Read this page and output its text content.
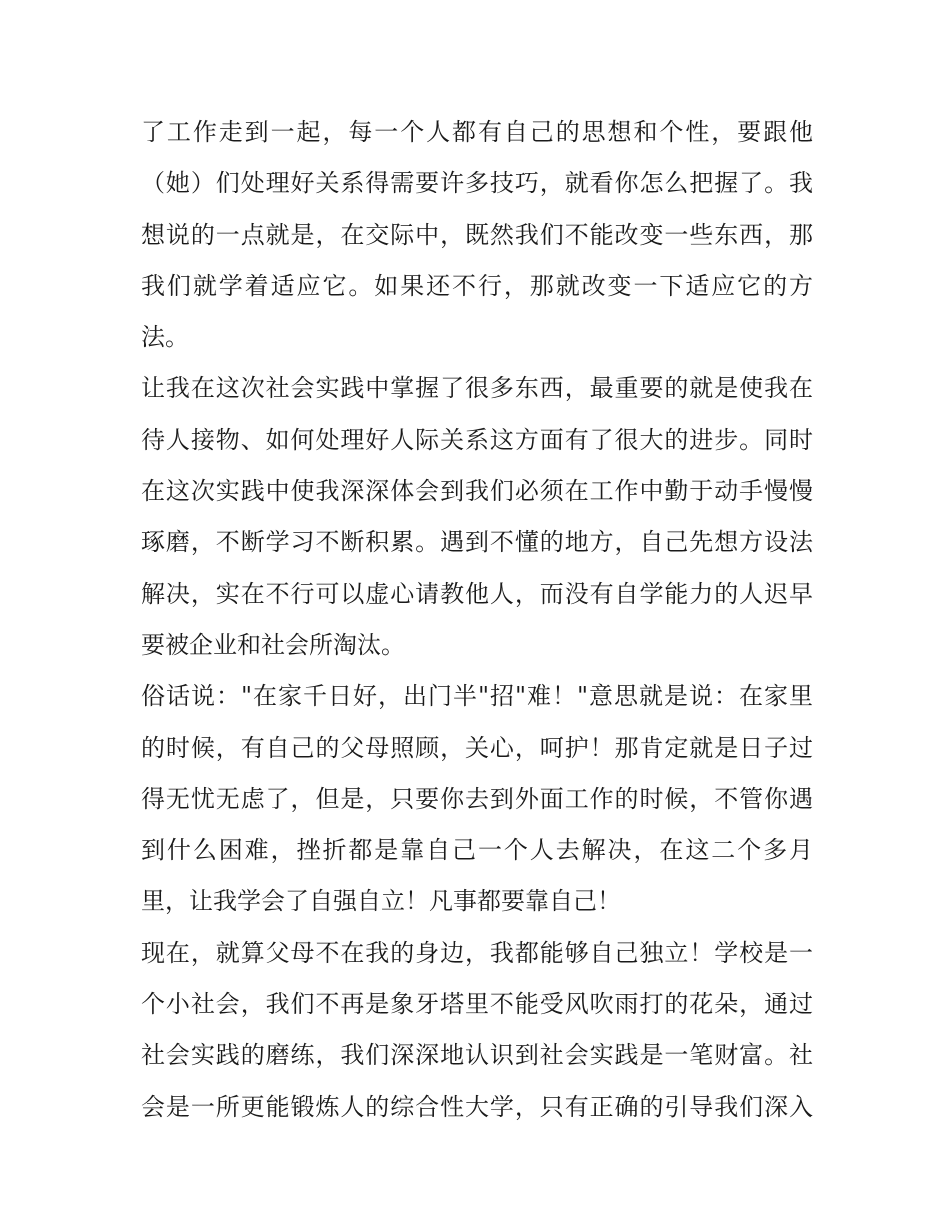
了工作走到一起，每一个人都有自己的思想和个性，要跟他
（她）们处理好关系得需要许多技巧，就看你怎么把握了。我
想说的一点就是，在交际中，既然我们不能改变一些东西，那
我们就学着适应它。如果还不行，那就改变一下适应它的方
法。
让我在这次社会实践中掌握了很多东西，最重要的就是使我在
待人接物、如何处理好人际关系这方面有了很大的进步。同时
在这次实践中使我深深体会到我们必须在工作中勤于动手慢慢
琢磨，不断学习不断积累。遇到不懂的地方，自己先想方设法
解决，实在不行可以虚心请教他人，而没有自学能力的人迟早
要被企业和社会所淘汰。
俗话说："在家千日好，出门半"招"难！"意思就是说：在家里
的时候，有自己的父母照顾，关心，呵护！那肯定就是日子过
得无忧无虑了，但是，只要你去到外面工作的时候，不管你遇
到什么困难，挫折都是靠自己一个人去解决，在这二个多月
里，让我学会了自强自立！凡事都要靠自己！
现在，就算父母不在我的身边，我都能够自己独立！学校是一
个小社会，我们不再是象牙塔里不能受风吹雨打的花朵，通过
社会实践的磨练，我们深深地认识到社会实践是一笔财富。社
会是一所更能锻炼人的综合性大学，只有正确的引导我们深入
